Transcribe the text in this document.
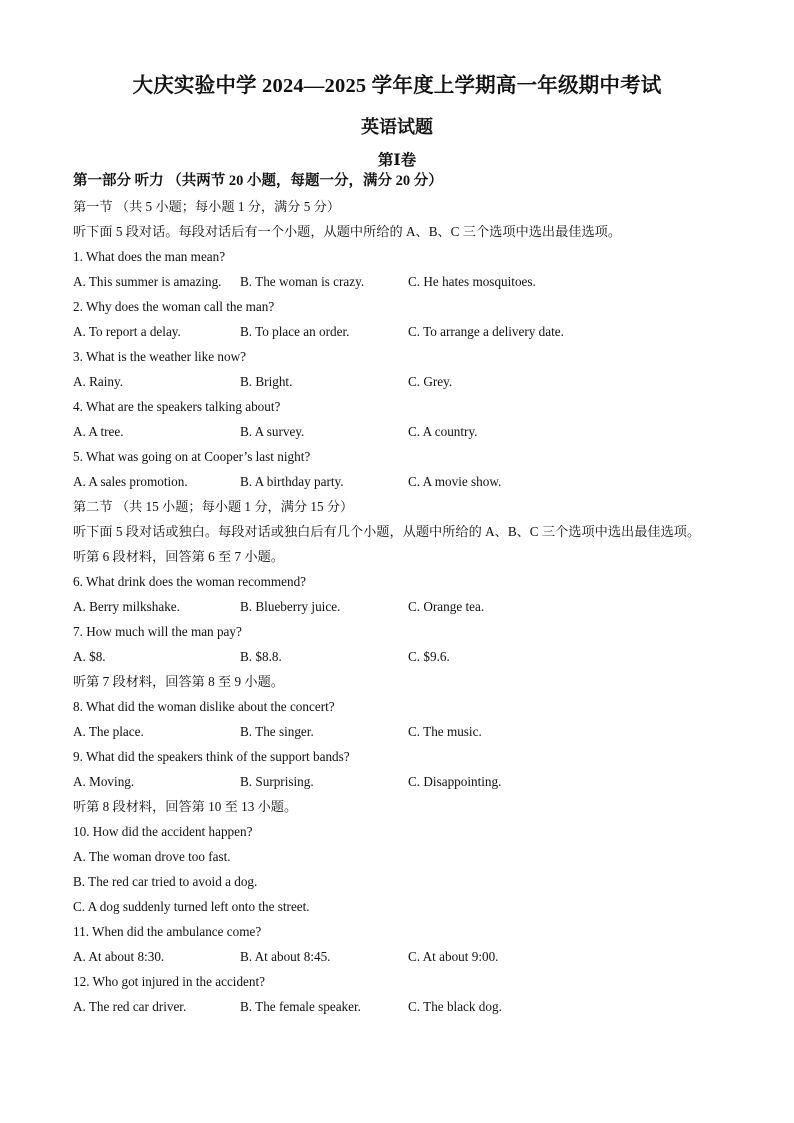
大庆实验中学 2024—2025 学年度上学期高一年级期中考试
英语试题
第Ⅰ卷
第一部分 听力 （共两节 20 小题，每题一分，满分 20 分）
第一节 （共 5 小题；每小题 1 分，满分 5 分）
听下面 5 段对话。每段对话后有一个小题，从题中所给的 A、B、C 三个选项中选出最佳选项。
1. What does the man mean?
A. This summer is amazing. B. The woman is crazy.	C. He hates mosquitoes.
2. Why does the woman call the man?
A. To report a delay.	B. To place an order.	C. To arrange a delivery date.
3. What is the weather like now?
A. Rainy.	B. Bright.	C. Grey.
4. What are the speakers talking about?
A. A tree.	B. A survey.	C. A country.
5. What was going on at Cooper’s last night?
A. A sales promotion.	B. A birthday party.	C. A movie show.
第二节 （共 15 小题；每小题 1 分，满分 15 分）
听下面 5 段对话或独白。每段对话或独白后有几个小题，从题中所给的 A、B、C 三个选项中选出最佳选项。
听第 6 段材料，回答第 6 至 7 小题。
6. What drink does the woman recommend?
A. Berry milkshake.	B. Blueberry juice.	C. Orange tea.
7. How much will the man pay?
A. $8.	B. $8.8.	C. $9.6.
听第 7 段材料，回答第 8 至 9 小题。
8. What did the woman dislike about the concert?
A. The place.	B. The singer.	C. The music.
9. What did the speakers think of the support bands?
A. Moving.	B. Surprising.	C. Disappointing.
听第 8 段材料，回答第 10 至 13 小题。
10. How did the accident happen?
A. The woman drove too fast.
B. The red car tried to avoid a dog.
C. A dog suddenly turned left onto the street.
11. When did the ambulance come?
A. At about 8:30.	B. At about 8:45.	C. At about 9:00.
12. Who got injured in the accident?
A. The red car driver.	B. The female speaker.	C. The black dog.
